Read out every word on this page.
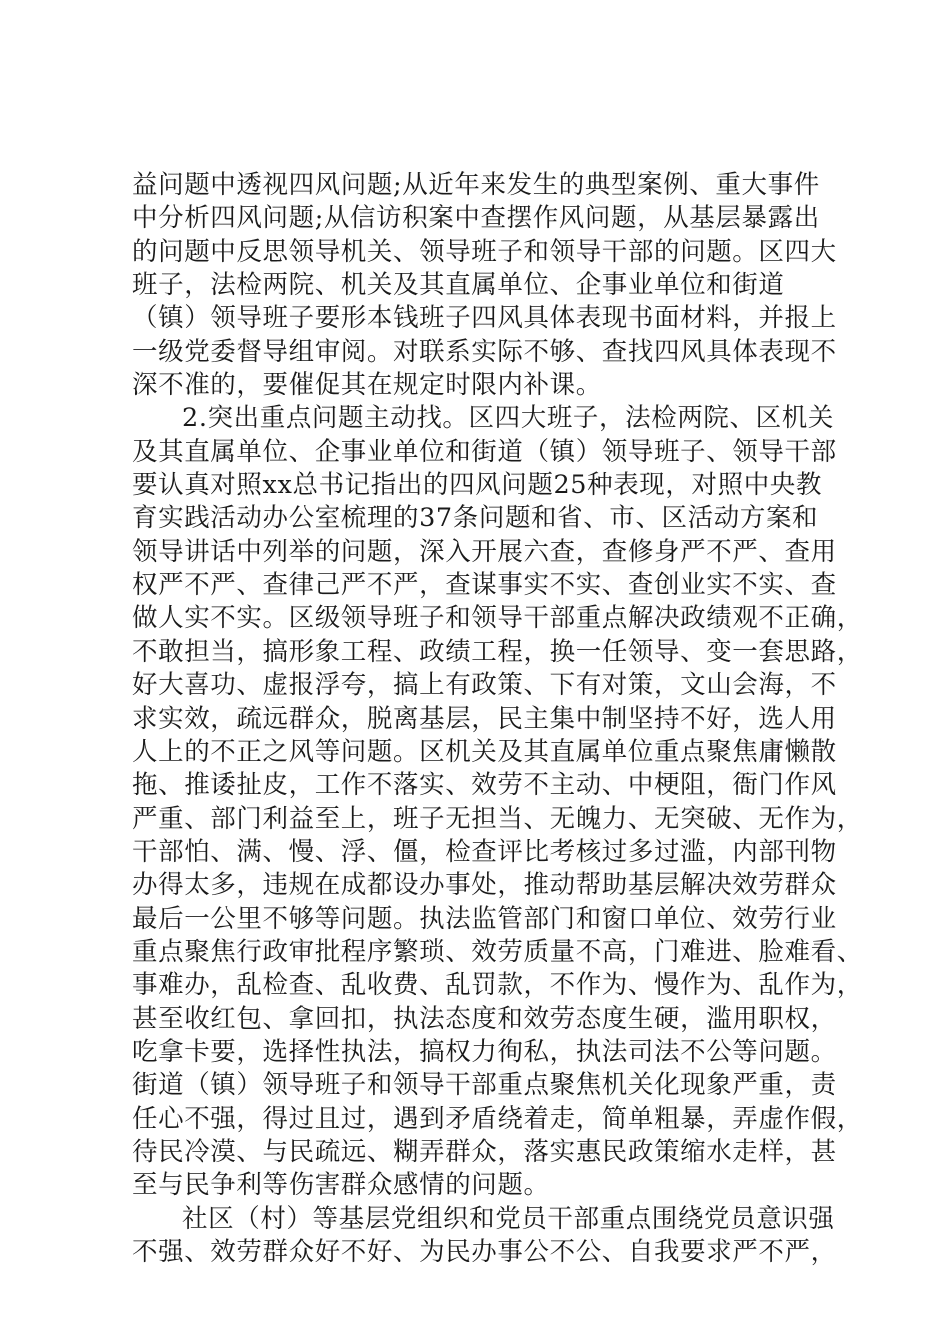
益问题中透视四风问题;从近年来发生的典型案例、重大事件
中分析四风问题;从信访积案中查摆作风问题，从基层暴露出
的问题中反思领导机关、领导班子和领导干部的问题。区四大
班子，法检两院、机关及其直属单位、企事业单位和街道
（镇）领导班子要形本钱班子四风具体表现书面材料，并报上
一级党委督导组审阅。对联系实际不够、查找四风具体表现不
深不准的，要催促其在规定时限内补课。
2.突出重点问题主动找。区四大班子，法检两院、区机关
及其直属单位、企事业单位和街道（镇）领导班子、领导干部
要认真对照xx总书记指出的四风问题25种表现，对照中央教
育实践活动办公室梳理的37条问题和省、市、区活动方案和
领导讲话中列举的问题，深入开展六查，查修身严不严、查用
权严不严、查律己严不严，查谋事实不实、查创业实不实、查
做人实不实。区级领导班子和领导干部重点解决政绩观不正确，
不敢担当，搞形象工程、政绩工程，换一任领导、变一套思路，
好大喜功、虚报浮夸，搞上有政策、下有对策，文山会海，不
求实效，疏远群众，脱离基层，民主集中制坚持不好，选人用
人上的不正之风等问题。区机关及其直属单位重点聚焦庸懒散
拖、推诿扯皮，工作不落实、效劳不主动、中梗阻，衙门作风
严重、部门利益至上，班子无担当、无魄力、无突破、无作为，
干部怕、满、慢、浮、僵，检查评比考核过多过滥，内部刊物
办得太多，违规在成都设办事处，推动帮助基层解决效劳群众
最后一公里不够等问题。执法监管部门和窗口单位、效劳行业
重点聚焦行政审批程序繁琐、效劳质量不高，门难进、脸难看、
事难办，乱检查、乱收费、乱罚款，不作为、慢作为、乱作为，
甚至收红包、拿回扣，执法态度和效劳态度生硬，滥用职权，
吃拿卡要，选择性执法，搞权力徇私，执法司法不公等问题。
街道（镇）领导班子和领导干部重点聚焦机关化现象严重，责
任心不强，得过且过，遇到矛盾绕着走，简单粗暴，弄虚作假，
待民冷漠、与民疏远、糊弄群众，落实惠民政策缩水走样，甚
至与民争利等伤害群众感情的问题。
社区（村）等基层党组织和党员干部重点围绕党员意识强
不强、效劳群众好不好、为民办事公不公、自我要求严不严，
